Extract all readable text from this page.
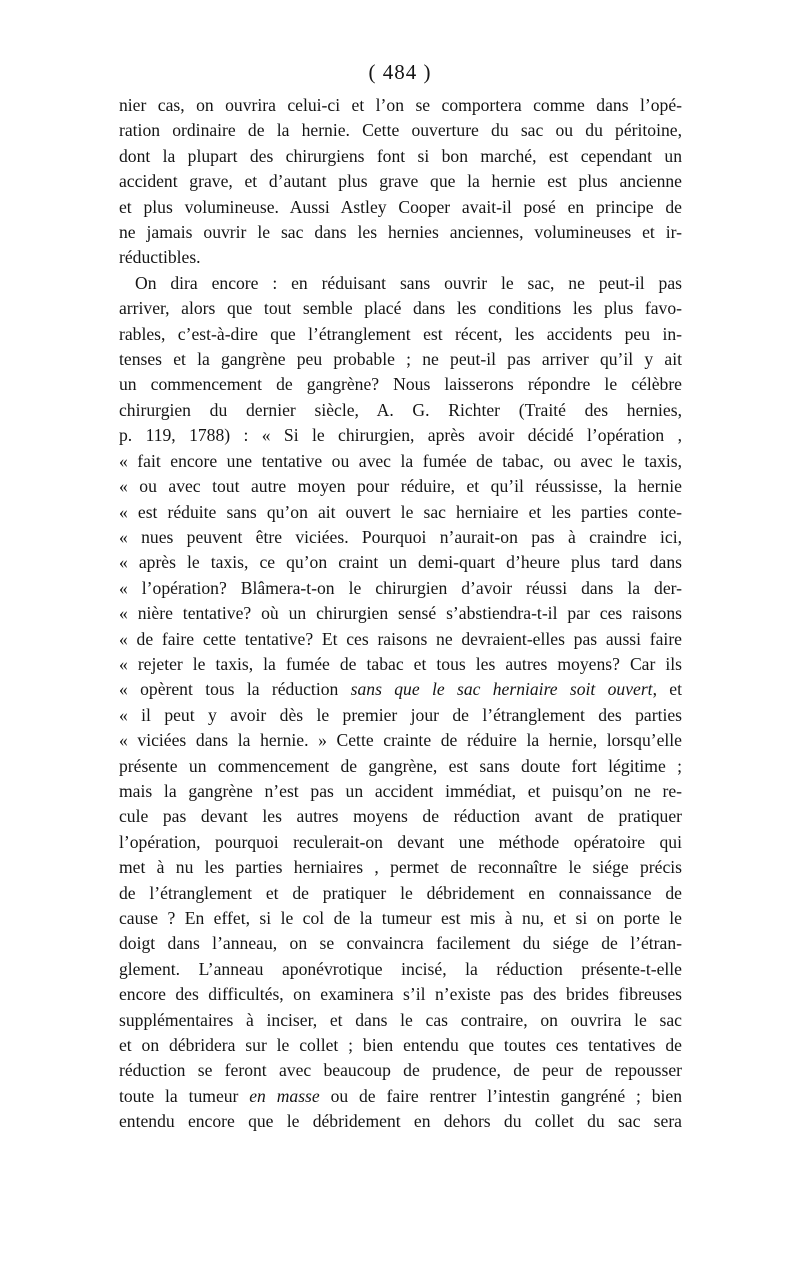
( 484 )
nier cas, on ouvrira celui-ci et l’on se comportera comme dans l’opé-
ration ordinaire de la hernie. Cette ouverture du sac ou du péritoine,
dont la plupart des chirurgiens font si bon marché, est cependant un
accident grave, et d’autant plus grave que la hernie est plus ancienne
et plus volumineuse. Aussi Astley Cooper avait-il posé en principe de
ne jamais ouvrir le sac dans les hernies anciennes, volumineuses et ir-
réductibles.
On dira encore : en réduisant sans ouvrir le sac, ne peut-il pas
arriver, alors que tout semble placé dans les conditions les plus favo-
rables, c’est-à-dire que l’étranglement est récent, les accidents peu in-
tenses et la gangrène peu probable ; ne peut-il pas arriver qu’il y ait
un commencement de gangrène? Nous laisserons répondre le célèbre
chirurgien du dernier siècle, A. G. Richter (Traité des hernies,
p. 119, 1788) : « Si le chirurgien, après avoir décidé l’opération ,
« fait encore une tentative ou avec la fumée de tabac, ou avec le taxis,
« ou avec tout autre moyen pour réduire, et qu’il réussisse, la hernie
« est réduite sans qu’on ait ouvert le sac herniaire et les parties conte-
« nues peuvent être viciées. Pourquoi n’aurait-on pas à craindre ici,
« après le taxis, ce qu’on craint un demi-quart d’heure plus tard dans
« l’opération? Blâmera-t-on le chirurgien d’avoir réussi dans la der-
« nière tentative? où un chirurgien sensé s’abstiendra-t-il par ces raisons
« de faire cette tentative? Et ces raisons ne devraient-elles pas aussi faire
« rejeter le taxis, la fumée de tabac et tous les autres moyens? Car ils
« opèrent tous la réduction sans que le sac herniaire soit ouvert, et
« il peut y avoir dès le premier jour de l’étranglement des parties
« viciées dans la hernie. » Cette crainte de réduire la hernie, lorsqu’elle
présente un commencement de gangrène, est sans doute fort légitime ;
mais la gangrène n’est pas un accident immédiat, et puisqu’on ne re-
cule pas devant les autres moyens de réduction avant de pratiquer
l’opération, pourquoi reculerait-on devant une méthode opératoire qui
met à nu les parties herniaires , permet de reconnaître le siége précis
de l’étranglement et de pratiquer le débridement en connaissance de
cause ? En effet, si le col de la tumeur est mis à nu, et si on porte le
doigt dans l’anneau, on se convaincra facilement du siége de l’étran-
glement. L’anneau aponévrotique incisé, la réduction présente-t-elle
encore des difficultés, on examinera s’il n’existe pas des brides fibreuses
supplémentaires à inciser, et dans le cas contraire, on ouvrira le sac
et on débridera sur le collet ; bien entendu que toutes ces tentatives de
réduction se feront avec beaucoup de prudence, de peur de repousser
toute la tumeur en masse ou de faire rentrer l’intestin gangréné ; bien
entendu encore que le débridement en dehors du collet du sac sera
